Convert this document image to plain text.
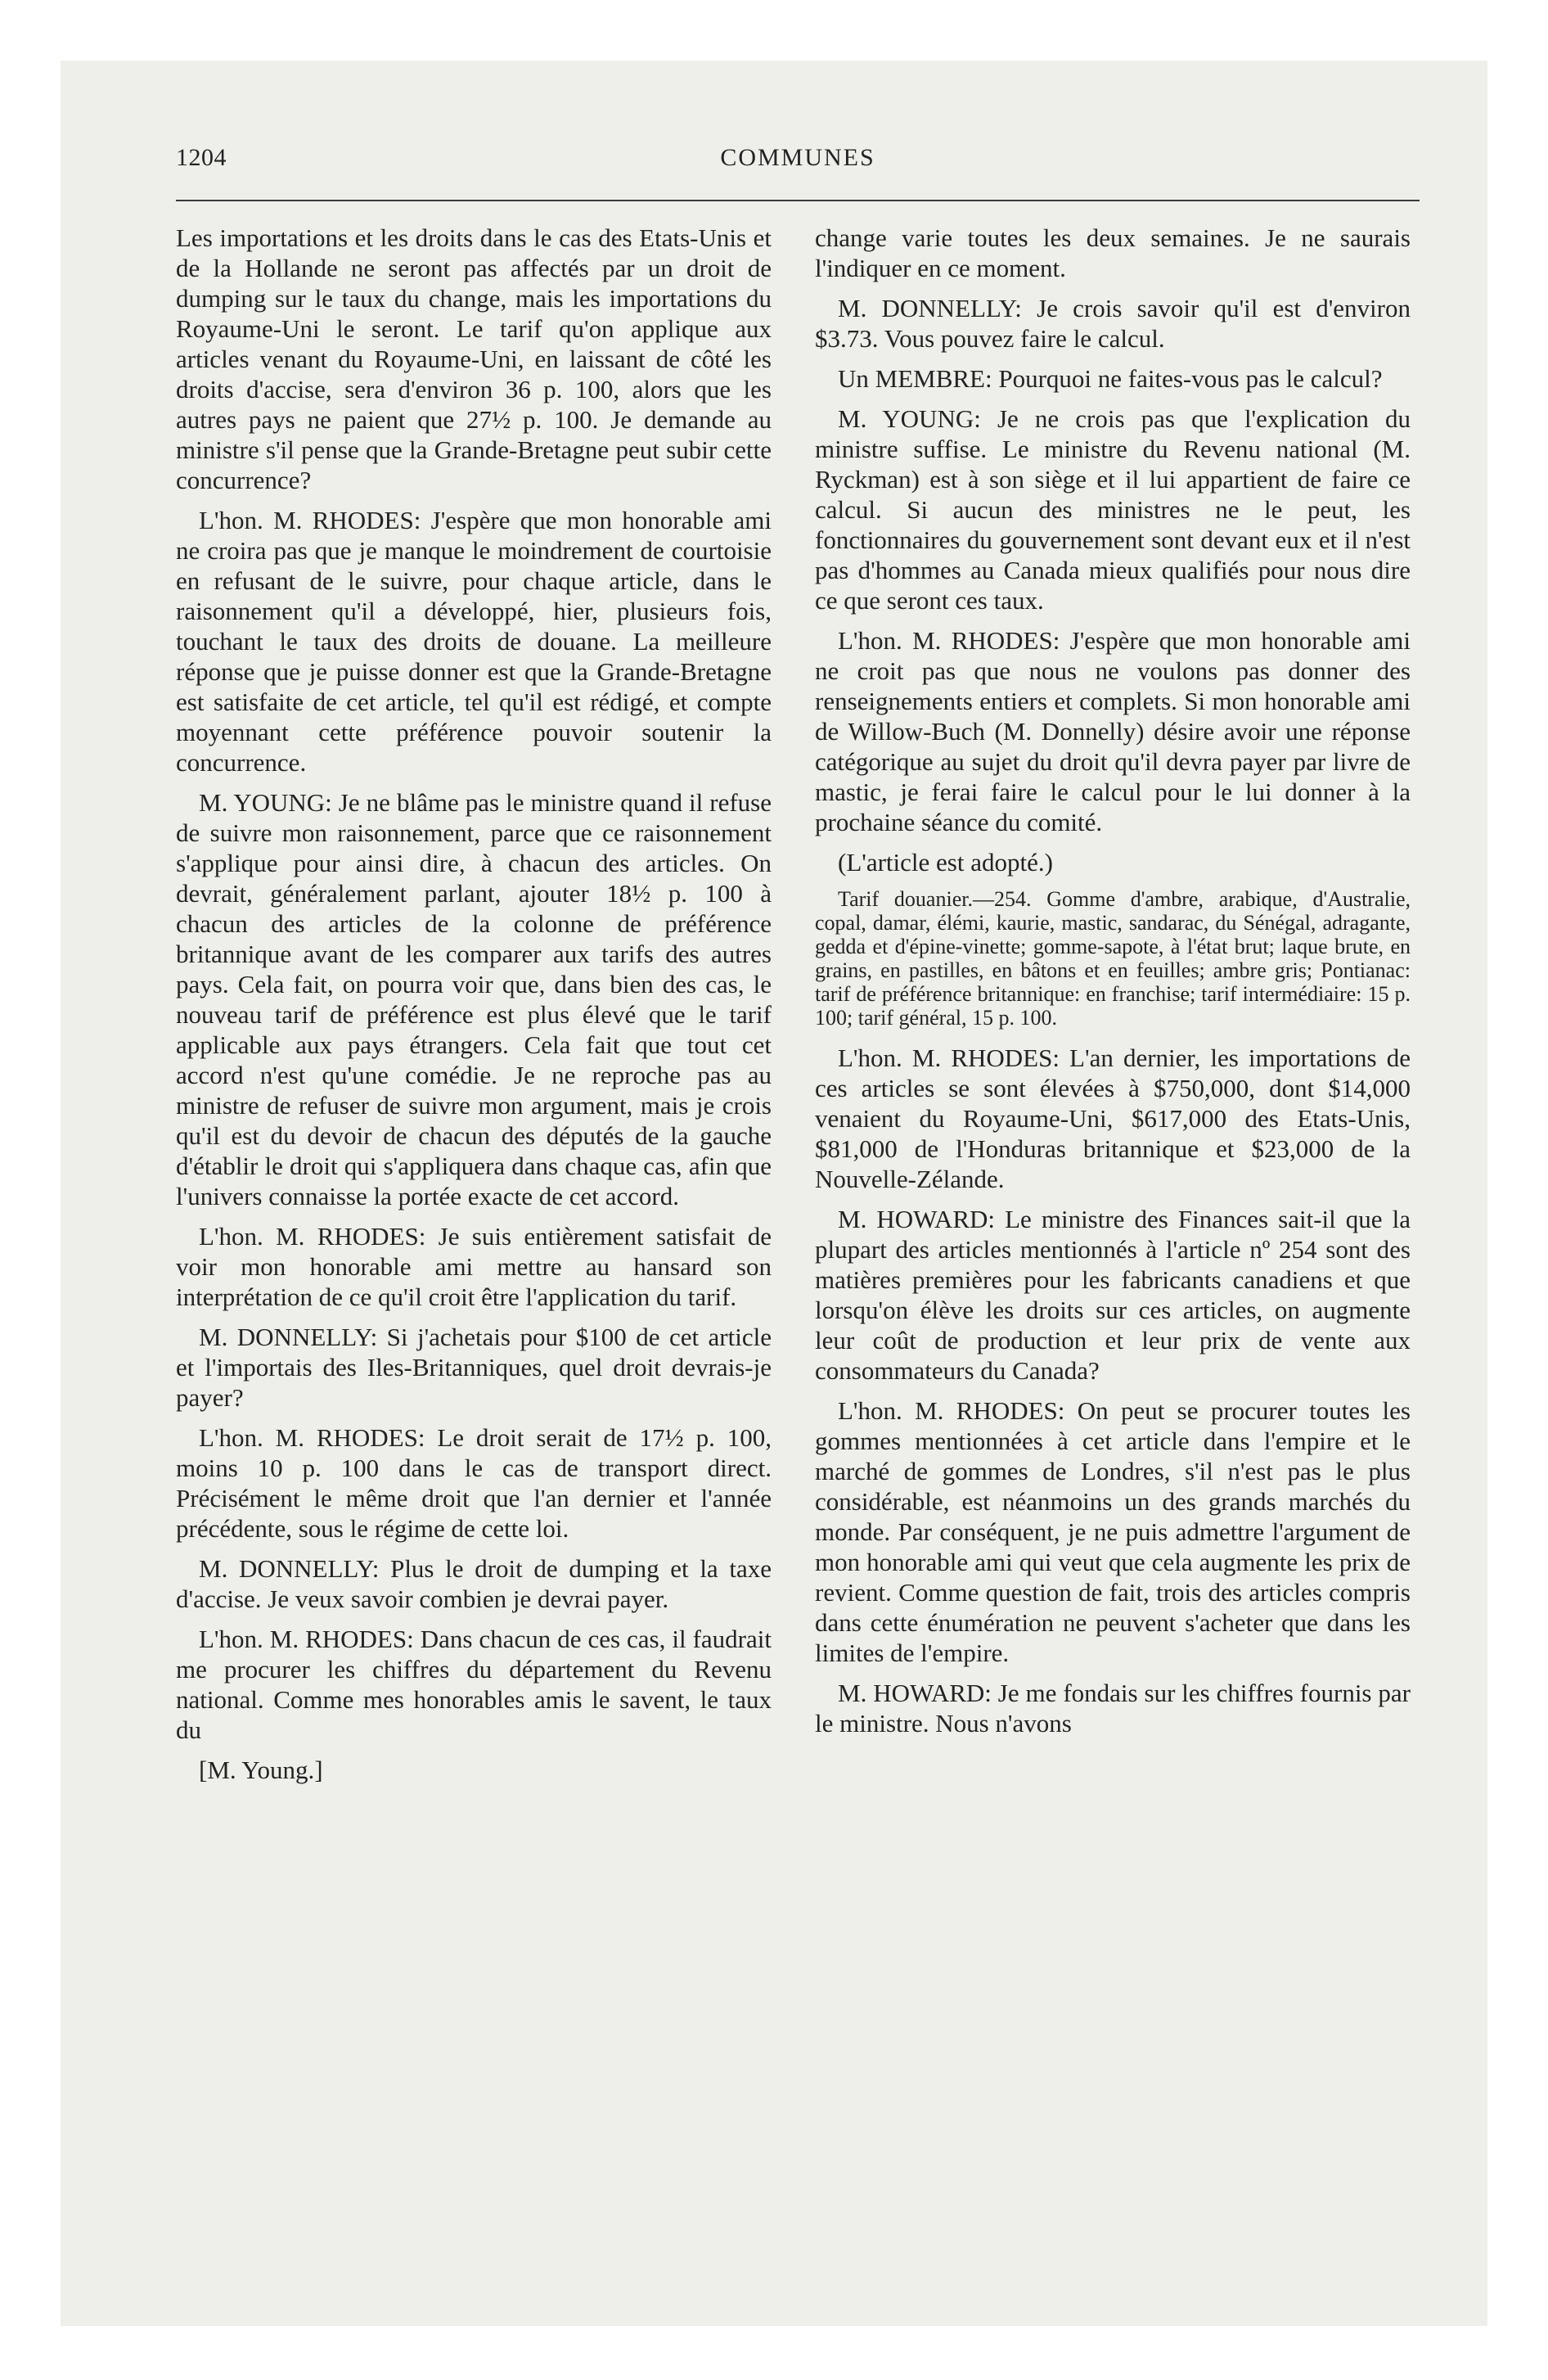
1204	COMMUNES

Les importations et les droits dans le cas des Etats-Unis et de la Hollande ne seront pas affectés par un droit de dumping sur le taux du change, mais les importations du Royaume-Uni le seront. Le tarif qu'on applique aux articles venant du Royaume-Uni, en laissant de côté les droits d'accise, sera d'environ 36 p. 100, alors que les autres pays ne paient que 27½ p. 100. Je demande au ministre s'il pense que la Grande-Bretagne peut subir cette concurrence?

L'hon. M. RHODES: J'espère que mon honorable ami ne croira pas que je manque le moindrement de courtoisie en refusant de le suivre, pour chaque article, dans le raisonnement qu'il a développé, hier, plusieurs fois, touchant le taux des droits de douane. La meilleure réponse que je puisse donner est que la Grande-Bretagne est satisfaite de cet article, tel qu'il est rédigé, et compte moyennant cette préférence pouvoir soutenir la concurrence.

M. YOUNG: Je ne blâme pas le ministre quand il refuse de suivre mon raisonnement, parce que ce raisonnement s'applique pour ainsi dire, à chacun des articles. On devrait, généralement parlant, ajouter 18½ p. 100 à chacun des articles de la colonne de préférence britannique avant de les comparer aux tarifs des autres pays. Cela fait, on pourra voir que, dans bien des cas, le nouveau tarif de préférence est plus élevé que le tarif applicable aux pays étrangers. Cela fait que tout cet accord n'est qu'une comédie. Je ne reproche pas au ministre de refuser de suivre mon argument, mais je crois qu'il est du devoir de chacun des députés de la gauche d'établir le droit qui s'appliquera dans chaque cas, afin que l'univers connaisse la portée exacte de cet accord.

L'hon. M. RHODES: Je suis entièrement satisfait de voir mon honorable ami mettre au hansard son interprétation de ce qu'il croit être l'application du tarif.

M. DONNELLY: Si j'achetais pour $100 de cet article et l'importais des Iles-Britanniques, quel droit devrais-je payer?

L'hon. M. RHODES: Le droit serait de 17½ p. 100, moins 10 p. 100 dans le cas de transport direct. Précisément le même droit que l'an dernier et l'année précédente, sous le régime de cette loi.

M. DONNELLY: Plus le droit de dumping et la taxe d'accise. Je veux savoir combien je devrai payer.

L'hon. M. RHODES: Dans chacun de ces cas, il faudrait me procurer les chiffres du département du Revenu national. Comme mes honorables amis le savent, le taux du

[M. Young.]

change varie toutes les deux semaines. Je ne saurais l'indiquer en ce moment.

M. DONNELLY: Je crois savoir qu'il est d'environ $3.73. Vous pouvez faire le calcul.

Un MEMBRE: Pourquoi ne faites-vous pas le calcul?

M. YOUNG: Je ne crois pas que l'explication du ministre suffise. Le ministre du Revenu national (M. Ryckman) est à son siège et il lui appartient de faire ce calcul. Si aucun des ministres ne le peut, les fonctionnaires du gouvernement sont devant eux et il n'est pas d'hommes au Canada mieux qualifiés pour nous dire ce que seront ces taux.

L'hon. M. RHODES: J'espère que mon honorable ami ne croit pas que nous ne voulons pas donner des renseignements entiers et complets. Si mon honorable ami de Willow-Buch (M. Donnelly) désire avoir une réponse catégorique au sujet du droit qu'il devra payer par livre de mastic, je ferai faire le calcul pour le lui donner à la prochaine séance du comité.

(L'article est adopté.)

Tarif douanier.—254. Gomme d'ambre, arabique, d'Australie, copal, damar, élémi, kaurie, mastic, sandarac, du Sénégal, adragante, gedda et d'épine-vinette; gomme-sapote, à l'état brut; laque brute, en grains, en pastilles, en bâtons et en feuilles; ambre gris; Pontianac: tarif de préférence britannique: en franchise; tarif intermédiaire: 15 p. 100; tarif général, 15 p. 100.

L'hon. M. RHODES: L'an dernier, les importations de ces articles se sont élevées à $750,000, dont $14,000 venaient du Royaume-Uni, $617,000 des Etats-Unis, $81,000 de l'Honduras britannique et $23,000 de la Nouvelle-Zélande.

M. HOWARD: Le ministre des Finances sait-il que la plupart des articles mentionnés à l'article nº 254 sont des matières premières pour les fabricants canadiens et que lorsqu'on élève les droits sur ces articles, on augmente leur coût de production et leur prix de vente aux consommateurs du Canada?

L'hon. M. RHODES: On peut se procurer toutes les gommes mentionnées à cet article dans l'empire et le marché de gommes de Londres, s'il n'est pas le plus considérable, est néanmoins un des grands marchés du monde. Par conséquent, je ne puis admettre l'argument de mon honorable ami qui veut que cela augmente les prix de revient. Comme question de fait, trois des articles compris dans cette énumération ne peuvent s'acheter que dans les limites de l'empire.

M. HOWARD: Je me fondais sur les chiffres fournis par le ministre. Nous n'avons
